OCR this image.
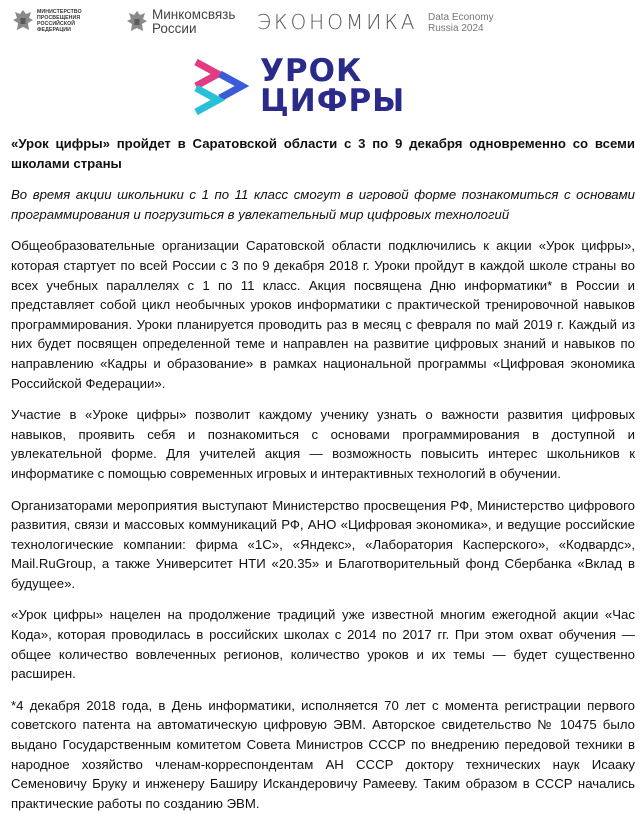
МИНИСТЕРСТВО ПРОСВЕЩЕНИЯ РОССИЙСКОЙ ФЕДЕРАЦИИ
Минкомсвязь
России	ЭКОНОМИКА Data Economy
Russia 2024
УРОК
ЦИФРЫ

«Урок цифры» пройдет в Саратовской области с 3 по 9 декабря одновременно со всеми школами страны

Во время акции школьники с 1 по 11 класс смогут в игровой форме познакомиться с основами программирования и погрузиться в увлекательный мир цифровых технологий

Общеобразовательные организации Саратовской области подключились к акции «Урок цифры», которая стартует по всей России с 3 по 9 декабря 2018 г. Уроки пройдут в каждой школе страны во всех учебных параллелях с 1 по 11 класс. Акция посвящена Дню информатики* в России и представляет собой цикл необычных уроков информатики с практической тренировочной навыков программирования. Уроки планируется проводить раз в месяц с февраля по май 2019 г. Каждый из них будет посвящен определенной теме и направлен на развитие цифровых знаний и навыков по направлению «Кадры и образование» в рамках национальной программы «Цифровая экономика Российской Федерации».

Участие в «Уроке цифры» позволит каждому ученику узнать о важности развития цифровых навыков, проявить себя и познакомиться с основами программирования в доступной и увлекательной форме. Для учителей акция — возможность повысить интерес школьников к информатике с помощью современных игровых и интерактивных технологий в обучении.

Организаторами мероприятия выступают Министерство просвещения РФ, Министерство цифрового развития, связи и массовых коммуникаций РФ, АНО «Цифровая экономика», и ведущие российские технологические компании: фирма «1С», «Яндекс», «Лаборатория Касперского», «Кодвардс», Mail.RuGroup, а также Университет НТИ «20.35» и Благотворительный фонд Сбербанка «Вклад в будущее».

«Урок цифры» нацелен на продолжение традиций уже известной многим ежегодной акции «Час Кода», которая проводилась в российских школах с 2014 по 2017 гг. При этом охват обучения — общее количество вовлеченных регионов, количество уроков и их темы — будет существенно расширен.

*4 декабря 2018 года, в День информатики, исполняется 70 лет с момента регистрации первого советского патента на автоматическую цифровую ЭВМ. Авторское свидетельство № 10475 было выдано Государственным комитетом Совета Министров СССР по внедрению передовой техники в народное хозяйство членам-корреспондентам АН СССР доктору технических наук Исааку Семеновичу Бруку и инженеру Баширу Искандеровичу Рамееву. Таким образом в СССР начались практические работы по созданию ЭВМ.
